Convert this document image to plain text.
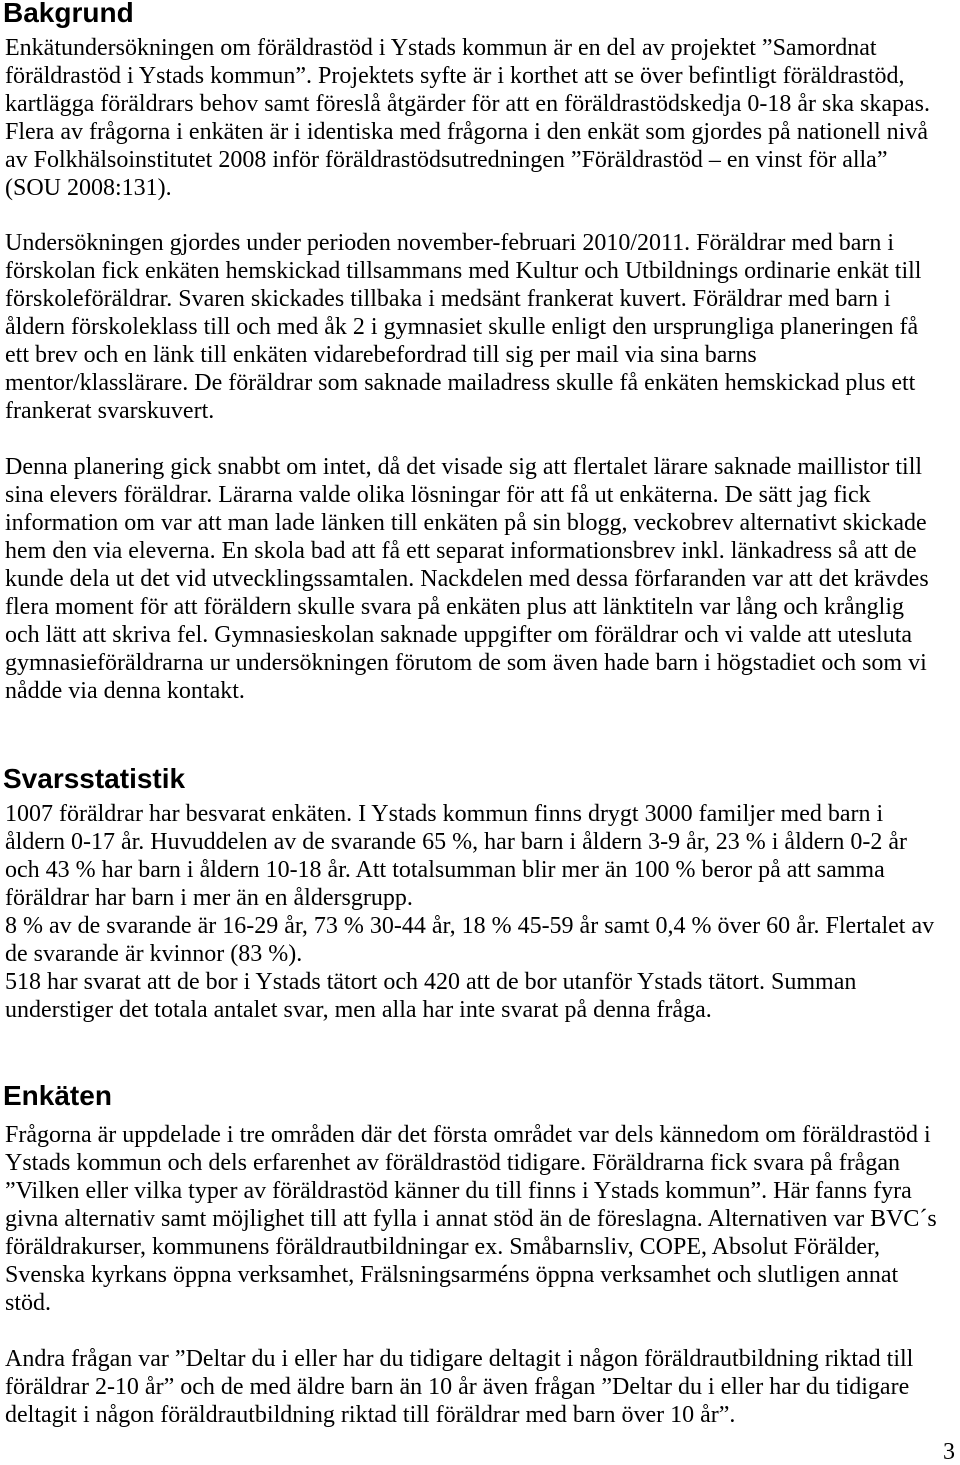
Bakgrund
Enkätundersökningen om föräldrastöd i Ystads kommun är en del av projektet ”Samordnat
föräldrastöd i Ystads kommun”. Projektets syfte är i korthet att se över befintligt föräldrastöd,
kartlägga föräldrars behov samt föreslå åtgärder för att en föräldrastödskedja 0-18 år ska skapas.
Flera av frågorna i enkäten är i identiska med frågorna i den enkät som gjordes på nationell nivå
av Folkhälsoinstitutet 2008 inför föräldrastödsutredningen ”Föräldrastöd – en vinst för alla”
(SOU 2008:131).
Undersökningen gjordes under perioden november-februari 2010/2011. Föräldrar med barn i
förskolan fick enkäten hemskickad tillsammans med Kultur och Utbildnings ordinarie enkät till
förskoleföräldrar. Svaren skickades tillbaka i medsänt frankerat kuvert. Föräldrar med barn i
åldern förskoleklass till och med åk 2 i gymnasiet skulle enligt den ursprungliga planeringen få
ett brev och en länk till enkäten vidarebefordrad till sig per mail via sina barns
mentor/klasslärare. De föräldrar som saknade mailadress skulle få enkäten hemskickad plus ett
frankerat svarskuvert.
Denna planering gick snabbt om intet, då det visade sig att flertalet lärare saknade maillistor till
sina elevers föräldrar. Lärarna valde olika lösningar för att få ut enkäterna. De sätt jag fick
information om var att man lade länken till enkäten på sin blogg, veckobrev alternativt skickade
hem den via eleverna. En skola bad att få ett separat informationsbrev inkl. länkadress så att de
kunde dela ut det vid utvecklingssamtalen. Nackdelen med dessa förfaranden var att det krävdes
flera moment för att föräldern skulle svara på enkäten plus att länktiteln var lång och krånglig
och lätt att skriva fel. Gymnasieskolan saknade uppgifter om föräldrar och vi valde att utesluta
gymnasieföräldrarna ur undersökningen förutom de som även hade barn i högstadiet och som vi
nådde via denna kontakt.
Svarsstatistik
1007 föräldrar har besvarat enkäten. I Ystads kommun finns drygt 3000 familjer med barn i
åldern 0-17 år. Huvuddelen av de svarande 65 %, har barn i åldern 3-9 år, 23 % i åldern 0-2 år
och 43 % har barn i åldern 10-18 år. Att totalsumman blir mer än 100 % beror på att samma
föräldrar har barn i mer än en åldersgrupp.
8 % av de svarande är 16-29 år, 73 % 30-44 år, 18 % 45-59 år samt 0,4 % över 60 år. Flertalet av
de svarande är kvinnor (83 %).
518 har svarat att de bor i Ystads tätort och 420 att de bor utanför Ystads tätort. Summan
understiger det totala antalet svar, men alla har inte svarat på denna fråga.
Enkäten
Frågorna är uppdelade i tre områden där det första området var dels kännedom om föräldrastöd i
Ystads kommun och dels erfarenhet av föräldrastöd tidigare. Föräldrarna fick svara på frågan
”Vilken eller vilka typer av föräldrastöd känner du till finns i Ystads kommun”. Här fanns fyra
givna alternativ samt möjlighet till att fylla i annat stöd än de föreslagna. Alternativen var BVC´s
föräldrakurser, kommunens föräldrautbildningar ex. Småbarnsliv, COPE, Absolut Förälder,
Svenska kyrkans öppna verksamhet, Frälsningsarméns öppna verksamhet och slutligen annat
stöd.
Andra frågan var ”Deltar du i eller har du tidigare deltagit i någon föräldrautbildning riktad till
föräldrar 2-10 år” och de med äldre barn än 10 år även frågan ”Deltar du i eller har du tidigare
deltagit i någon föräldrautbildning riktad till föräldrar med barn över 10 år”.
3
